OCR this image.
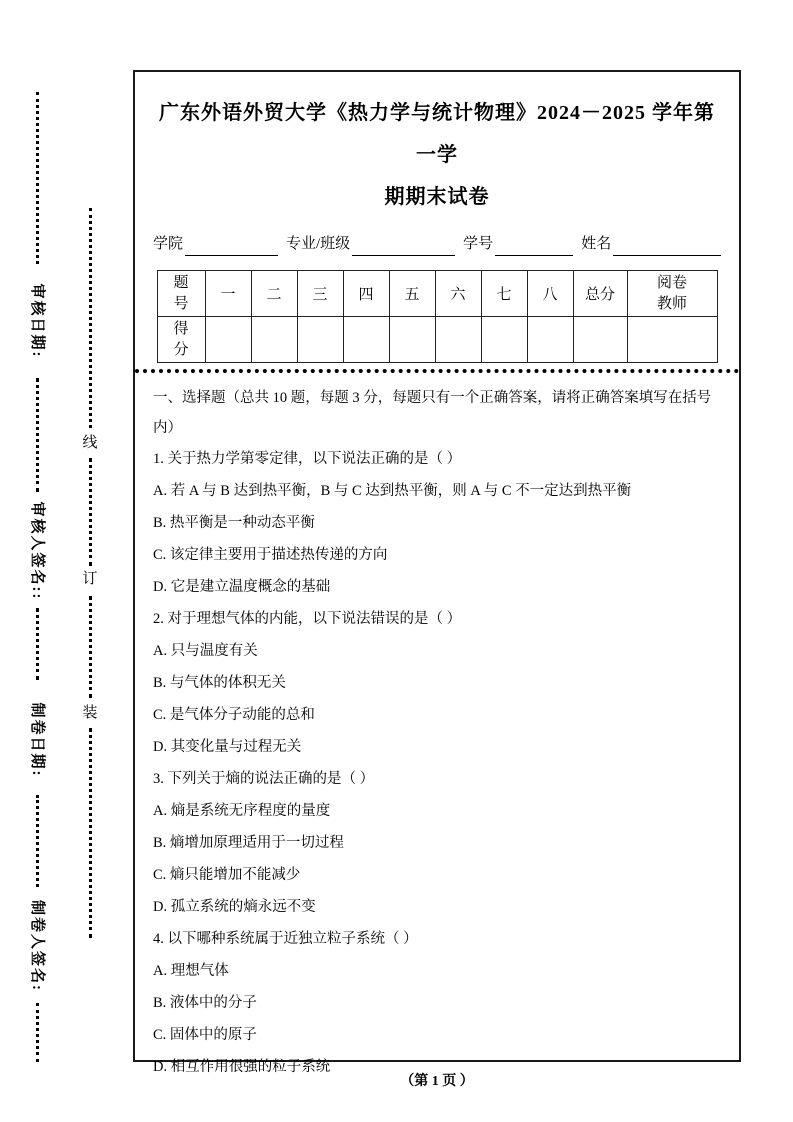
审核日期:
审核人签名::
制卷日期:
制卷人签名:
线
订
装
广东外语外贸大学《热力学与统计物理》2024－2025 学年第一学
期期末试卷
学院	专业/班级	学号	姓名
题号	一	二	三	四	五	六	七	八	总分	阅卷教师
得分										

一、选择题（总共 10 题，每题 3 分，每题只有一个正确答案，请将正确答案填写在括号内）

1. 关于热力学第零定律，以下说法正确的是（ ）

A. 若 A 与 B 达到热平衡，B 与 C 达到热平衡，则 A 与 C 不一定达到热平衡

B. 热平衡是一种动态平衡

C. 该定律主要用于描述热传递的方向

D. 它是建立温度概念的基础

2. 对于理想气体的内能，以下说法错误的是（ ）

A. 只与温度有关

B. 与气体的体积无关

C. 是气体分子动能的总和

D. 其变化量与过程无关

3. 下列关于熵的说法正确的是（ ）

A. 熵是系统无序程度的量度

B. 熵增加原理适用于一切过程

C. 熵只能增加不能减少

D. 孤立系统的熵永远不变

4. 以下哪种系统属于近独立粒子系统（ ）

A. 理想气体

B. 液体中的分子

C. 固体中的原子

D. 相互作用很强的粒子系统

（第 1 页 ）
